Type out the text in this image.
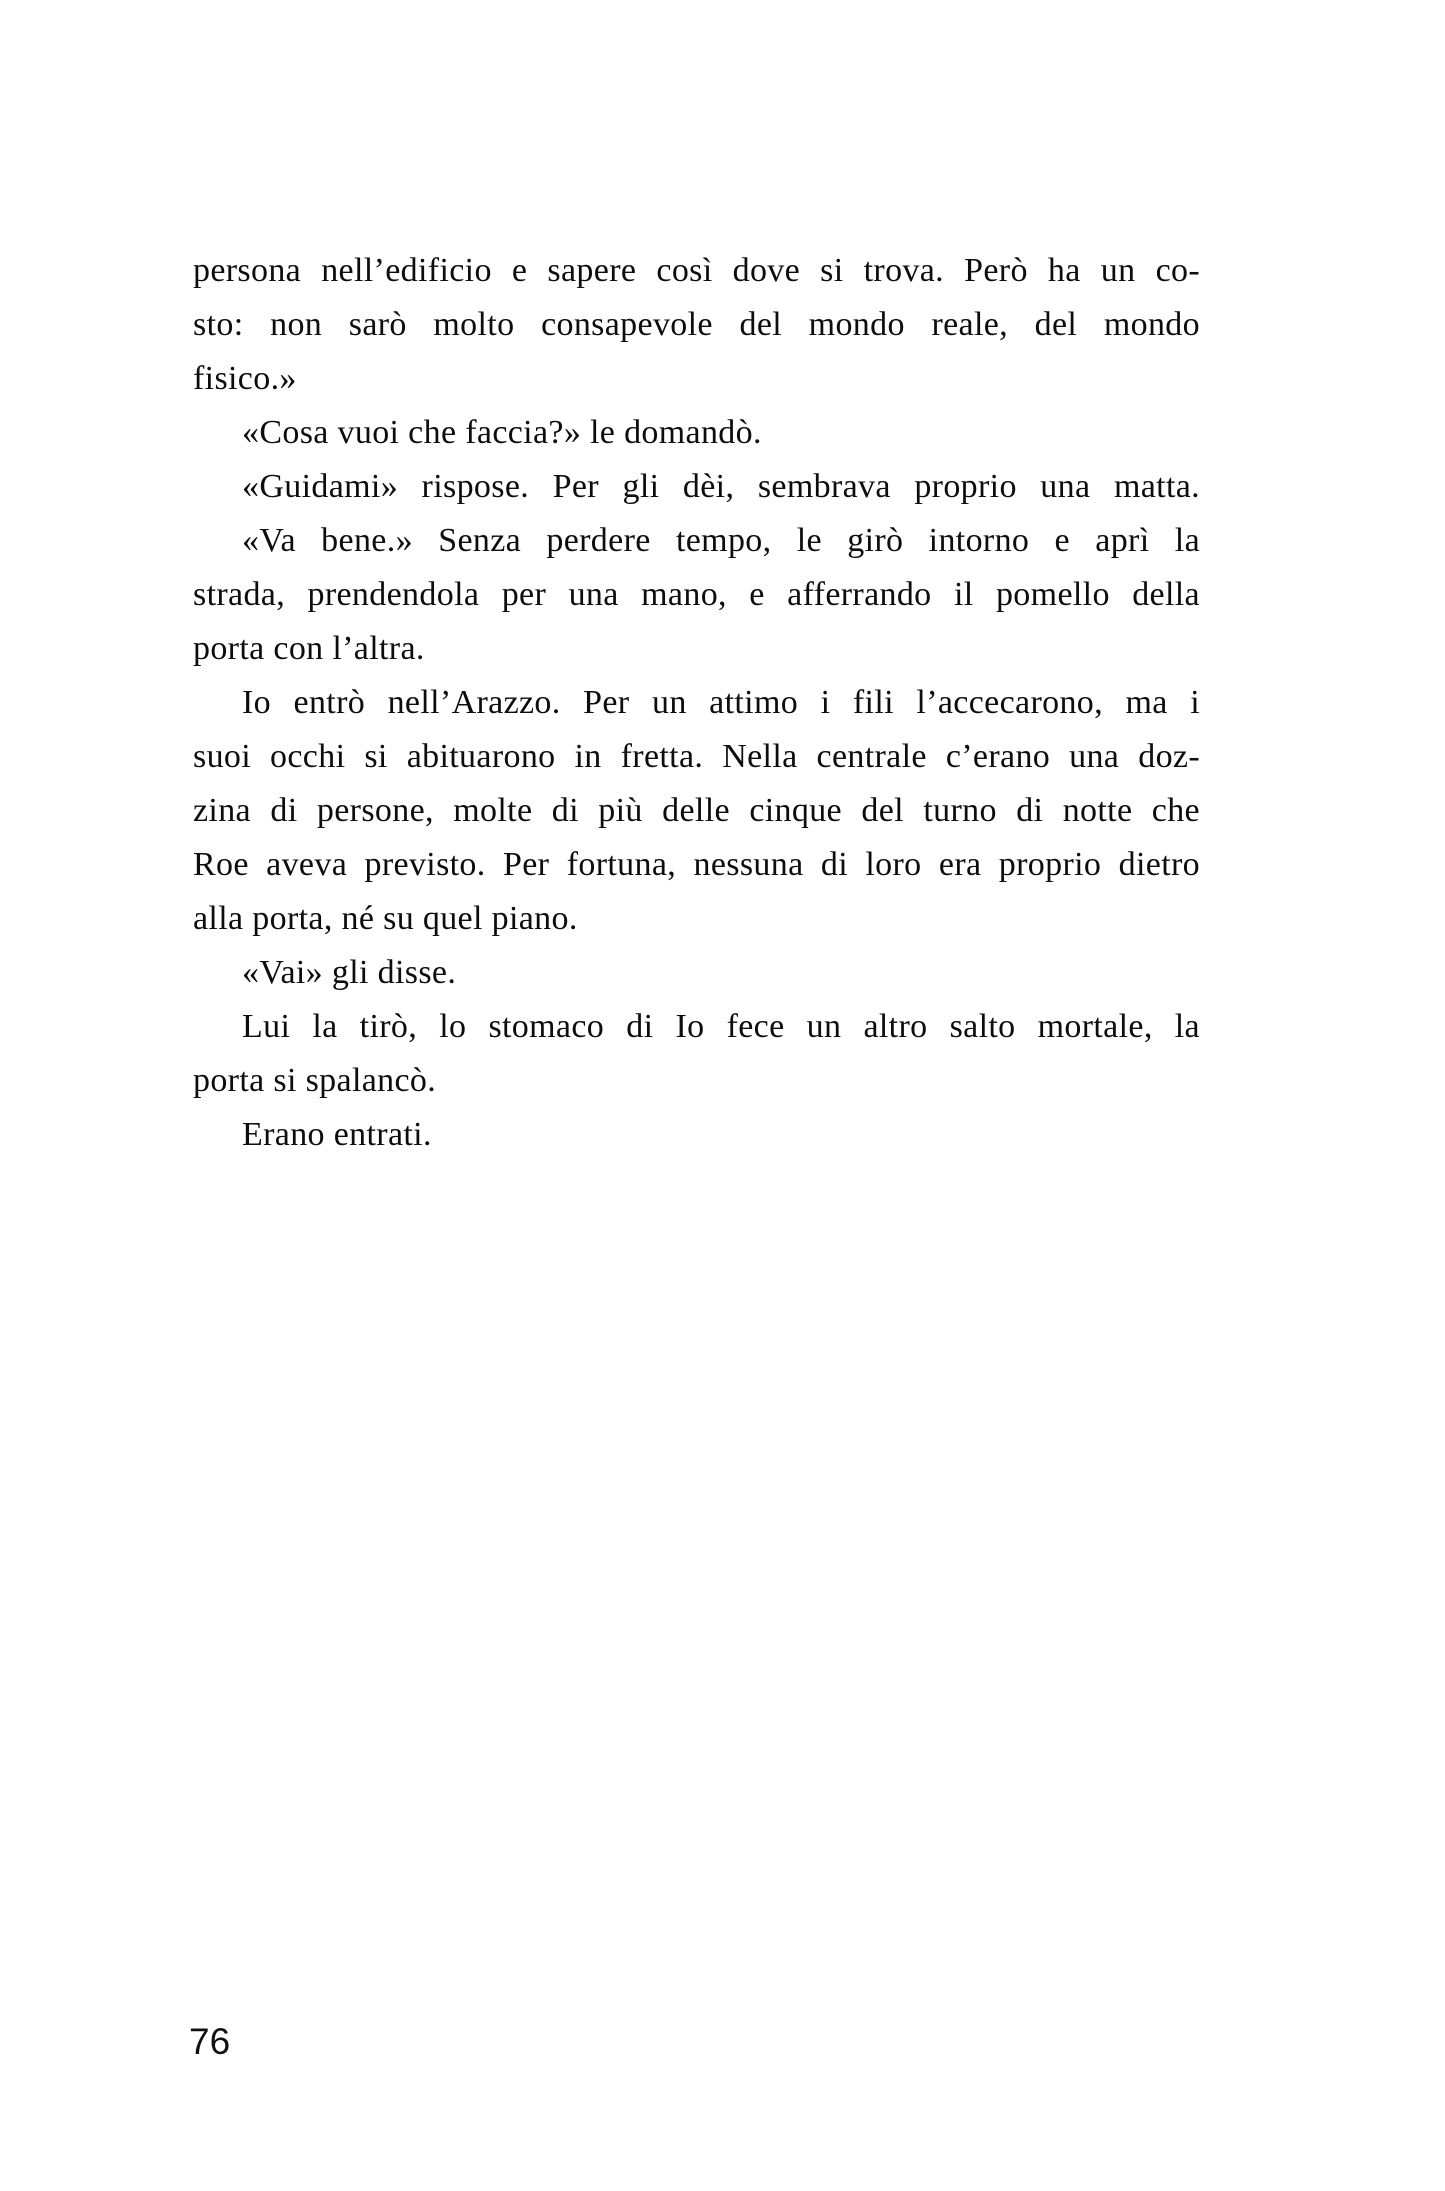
persona nell’edificio e sapere così dove si trova. Però ha un co-
sto: non sarò molto consapevole del mondo reale, del mondo
fisico.»
«Cosa vuoi che faccia?» le domandò.
«Guidami» rispose. Per gli dèi, sembrava proprio una matta.
«Va bene.» Senza perdere tempo, le girò intorno e aprì la
strada, prendendola per una mano, e afferrando il pomello della
porta con l’altra.
Io entrò nell’Arazzo. Per un attimo i fili l’accecarono, ma i
suoi occhi si abituarono in fretta. Nella centrale c’erano una doz-
zina di persone, molte di più delle cinque del turno di notte che
Roe aveva previsto. Per fortuna, nessuna di loro era proprio dietro
alla porta, né su quel piano.
«Vai» gli disse.
Lui la tirò, lo stomaco di Io fece un altro salto mortale, la
porta si spalancò.
Erano entrati.
76
